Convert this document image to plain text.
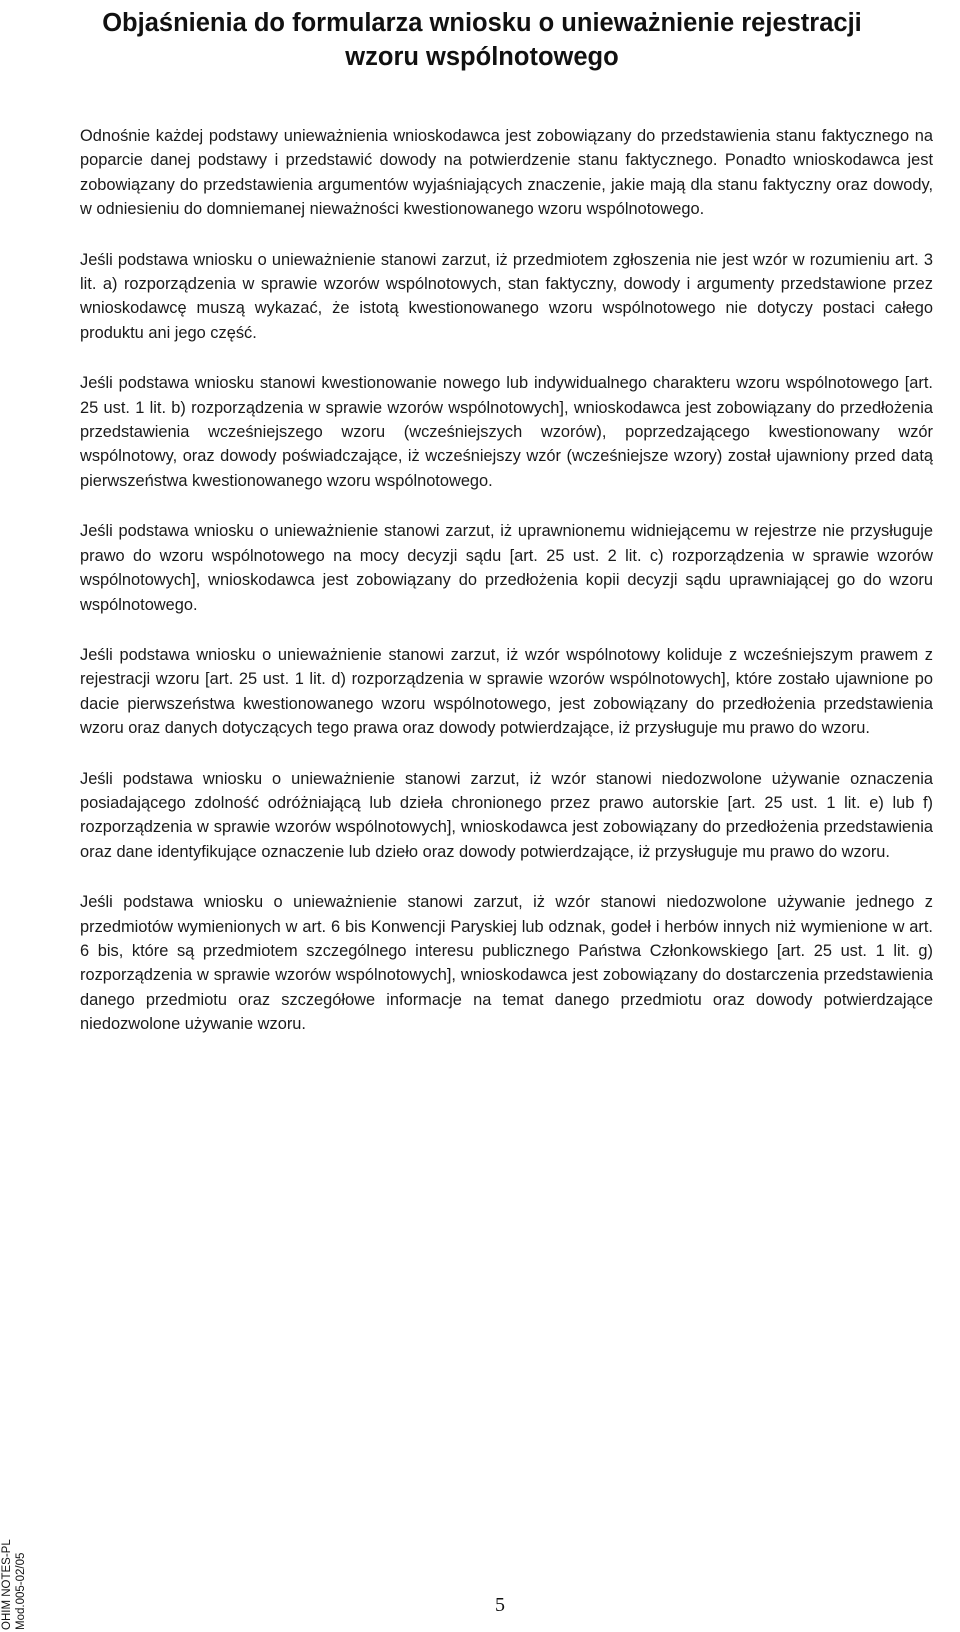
Objaśnienia do formularza wniosku o unieważnienie rejestracji wzoru wspólnotowego

Odnośnie każdej podstawy unieważnienia wnioskodawca jest zobowiązany do przedstawienia stanu faktycznego na poparcie danej podstawy i przedstawić dowody na potwierdzenie stanu faktycznego. Ponadto wnioskodawca jest zobowiązany do przedstawienia argumentów wyjaśniających znaczenie, jakie mają dla stanu faktyczny oraz dowody, w odniesieniu do domniemanej nieważności kwestionowanego wzoru wspólnotowego.

Jeśli podstawa wniosku o unieważnienie stanowi zarzut, iż przedmiotem zgłoszenia nie jest wzór w rozumieniu art. 3 lit. a) rozporządzenia w sprawie wzorów wspólnotowych, stan faktyczny, dowody i argumenty przedstawione przez wnioskodawcę muszą wykazać, że istotą kwestionowanego wzoru wspólnotowego nie dotyczy postaci całego produktu ani jego część.

Jeśli podstawa wniosku stanowi kwestionowanie nowego lub indywidualnego charakteru wzoru wspólnotowego [art. 25 ust. 1 lit. b) rozporządzenia w sprawie wzorów wspólnotowych], wnioskodawca jest zobowiązany do przedłożenia przedstawienia wcześniejszego wzoru (wcześniejszych wzorów), poprzedzającego kwestionowany wzór wspólnotowy, oraz dowody poświadczające, iż wcześniejszy wzór (wcześniejsze wzory) został ujawniony przed datą pierwszeństwa kwestionowanego wzoru wspólnotowego.

Jeśli podstawa wniosku o unieważnienie stanowi zarzut, iż uprawnionemu widniejącemu w rejestrze nie przysługuje prawo do wzoru wspólnotowego na mocy decyzji sądu [art. 25 ust. 2 lit. c) rozporządzenia w sprawie wzorów wspólnotowych], wnioskodawca jest zobowiązany do przedłożenia kopii decyzji sądu uprawniającej go do wzoru wspólnotowego.

Jeśli podstawa wniosku o unieważnienie stanowi zarzut, iż wzór wspólnotowy koliduje z wcześniejszym prawem z rejestracji wzoru [art. 25 ust. 1 lit. d) rozporządzenia w sprawie wzorów wspólnotowych], które zostało ujawnione po dacie pierwszeństwa kwestionowanego wzoru wspólnotowego, jest zobowiązany do przedłożenia przedstawienia wzoru oraz danych dotyczących tego prawa oraz dowody potwierdzające, iż przysługuje mu prawo do wzoru.

Jeśli podstawa wniosku o unieważnienie stanowi zarzut, iż wzór stanowi niedozwolone używanie oznaczenia posiadającego zdolność odróżniającą lub dzieła chronionego przez prawo autorskie [art. 25 ust. 1 lit. e) lub f) rozporządzenia w sprawie wzorów wspólnotowych], wnioskodawca jest zobowiązany do przedłożenia przedstawienia oraz dane identyfikujące oznaczenie lub dzieło oraz dowody potwierdzające, iż przysługuje mu prawo do wzoru.

Jeśli podstawa wniosku o unieważnienie stanowi zarzut, iż wzór stanowi niedozwolone używanie jednego z przedmiotów wymienionych w art. 6 bis Konwencji Paryskiej lub odznak, godeł i herbów innych niż wymienione w art. 6 bis, które są przedmiotem szczególnego interesu publicznego Państwa Członkowskiego [art. 25 ust. 1 lit. g) rozporządzenia w sprawie wzorów wspólnotowych], wnioskodawca jest zobowiązany do dostarczenia przedstawienia danego przedmiotu oraz szczegółowe informacje na temat danego przedmiotu oraz dowody potwierdzające niedozwolone używanie wzoru.

5
OHIM NOTES-PL Mod.005-02/05
